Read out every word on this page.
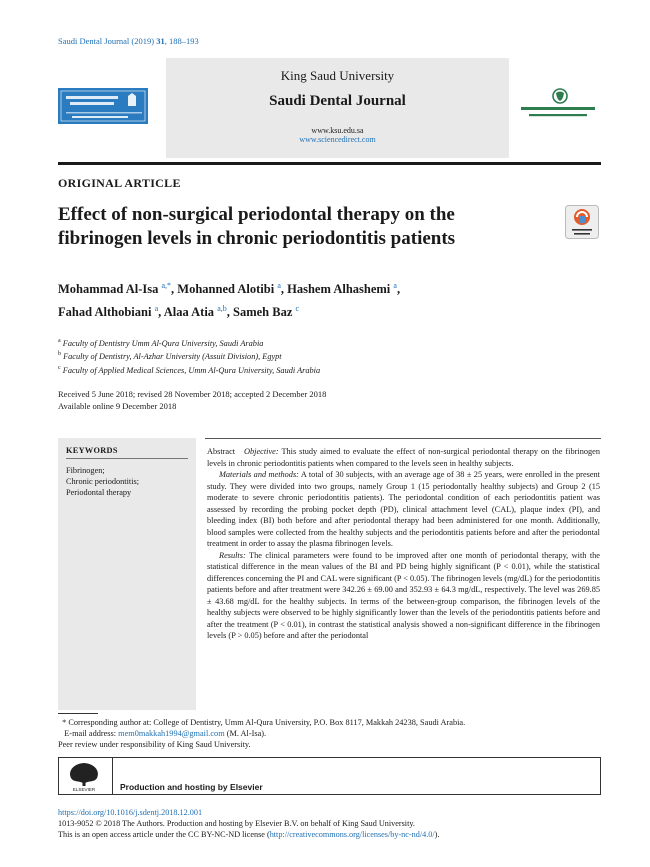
Saudi Dental Journal (2019) 31, 188–193
King Saud University
Saudi Dental Journal
www.ksu.edu.sa
www.sciencedirect.com
ORIGINAL ARTICLE
Effect of non-surgical periodontal therapy on the fibrinogen levels in chronic periodontitis patients
Mohammad Al-Isa $^{a,*}$, Mohanned Alotibi $^a$, Hashem Alhashemi $^a$,
Fahad Althobiani $^a$, Alaa Atia $^{a,b}$, Sameh Baz $^c$
$^a$ Faculty of Dentistry Umm Al-Qura University, Saudi Arabia
$^b$ Faculty of Dentistry, Al-Azhar University (Assuit Division), Egypt
$^c$ Faculty of Applied Medical Sciences, Umm Al-Qura University, Saudi Arabia
Received 5 June 2018; revised 28 November 2018; accepted 2 December 2018
Available online 9 December 2018
KEYWORDS
Fibrinogen;
Chronic periodontitis;
Periodontal therapy

Abstract Objective: This study aimed to evaluate the effect of non-surgical periodontal therapy on the fibrinogen levels in chronic periodontitis patients when compared to the levels seen in healthy subjects.

Materials and methods: A total of 30 subjects, with an average age of 38 ± 25 years, were enrolled in the present study. They were divided into two groups, namely Group 1 (15 periodontally healthy subjects) and Group 2 (15 moderate to severe chronic periodontitis patients). The periodontal condition of each periodontitis patient was assessed by recording the probing pocket depth (PD), clinical attachment level (CAL), plaque index (PI), and bleeding index (BI) both before and after periodontal therapy had been administered for one month. Additionally, blood samples were collected from the healthy subjects and the periodontitis patients before and after the periodontal treatment in order to assay the plasma fibrinogen levels.

Results: The clinical parameters were found to be improved after one month of periodontal therapy, with the statistical difference in the mean values of the BI and PD being highly significant (P < 0.01), while the statistical differences concerning the PI and CAL were significant (P < 0.05). The fibrinogen levels (mg/dL) for the periodontitis patients before and after treatment were 342.26 ± 69.00 and 352.93 ± 64.3 mg/dL, respectively. The level was 269.85 ± 43.68 mg/dL for the healthy subjects. In terms of the between-group comparison, the fibrinogen levels of the healthy subjects were observed to be highly significantly lower than the levels of the periodontitis patients before and after the treatment (P < 0.01), in contrast the statistical analysis showed a non-significant difference in the fibrinogen levels (P > 0.05) before and after the periodontal

* Corresponding author at: College of Dentistry, Umm Al-Qura University, P.O. Box 8117, Makkah 24238, Saudi Arabia.
E-mail address: mem0makkah1994@gmail.com (M. Al-Isa).
Peer review under responsibility of King Saud University.
ELSEVIER	Production and hosting by Elsevier
https://doi.org/10.1016/j.sdentj.2018.12.001
1013-9052 © 2018 The Authors. Production and hosting by Elsevier B.V. on behalf of King Saud University.
This is an open access article under the CC BY-NC-ND license (http://creativecommons.org/licenses/by-nc-nd/4.0/).
